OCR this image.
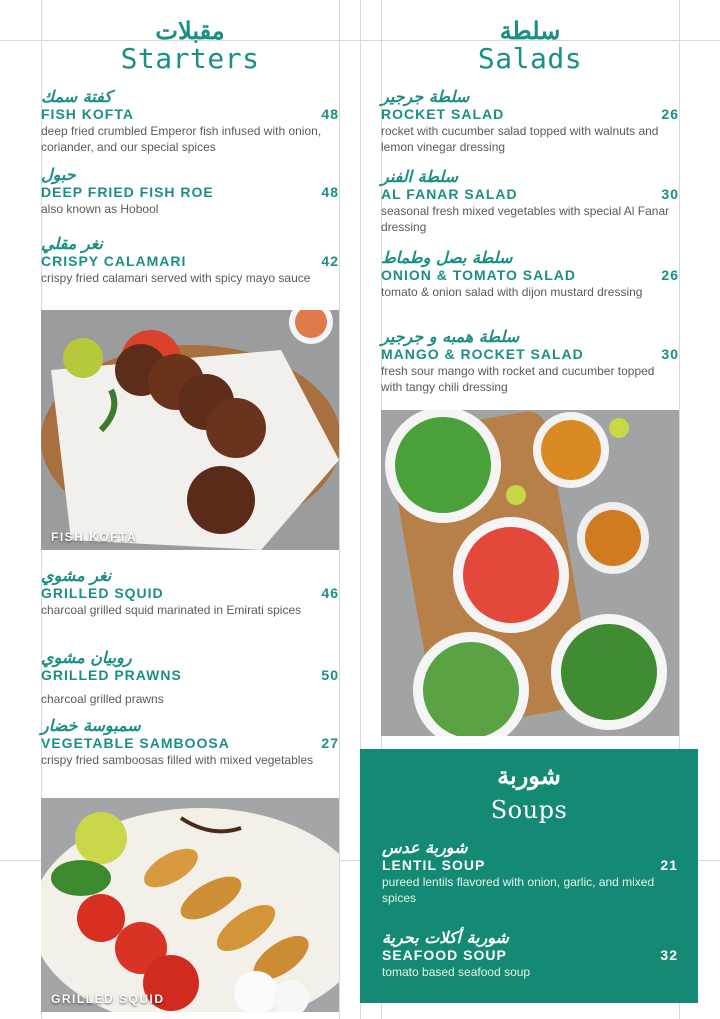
مقبلات

Starters

كفتة سمك
FISH KOFTA	48
deep fried crumbled Emperor fish infused with onion, coriander, and our special spices
حبول
DEEP FRIED FISH ROE	48
also known as Hobool
نغر مقلي
CRISPY CALAMARI	42
crispy fried calamari served with spicy mayo sauce
FISH KOFTA
نغر مشوي
GRILLED SQUID	46
charcoal grilled squid marinated in Emirati spices
روبيان مشوي
GRILLED PRAWNS	50
charcoal grilled prawns
سمبوسة خضار
VEGETABLE SAMBOOSA	27
crispy fried samboosas filled with mixed vegetables
GRILLED SQUID

سلطة

Salads

سلطة جرجير
ROCKET SALAD	26
rocket with cucumber salad topped with walnuts and lemon vinegar dressing
سلطة الفنر
AL FANAR SALAD	30
seasonal fresh mixed vegetables with special Al Fanar dressing
سلطة بصل وطماط
ONION & TOMATO SALAD	26
tomato & onion salad with dijon mustard dressing
سلطة همبه و جرجير
MANGO & ROCKET SALAD	30
fresh sour mango with rocket and cucumber topped with tangy chili dressing

شوربة

Soups

شوربة عدس
LENTIL SOUP	21
pureed lentils flavored with onion, garlic, and mixed spices
شوربة أكلات بحرية
SEAFOOD SOUP	32
tomato based seafood soup
